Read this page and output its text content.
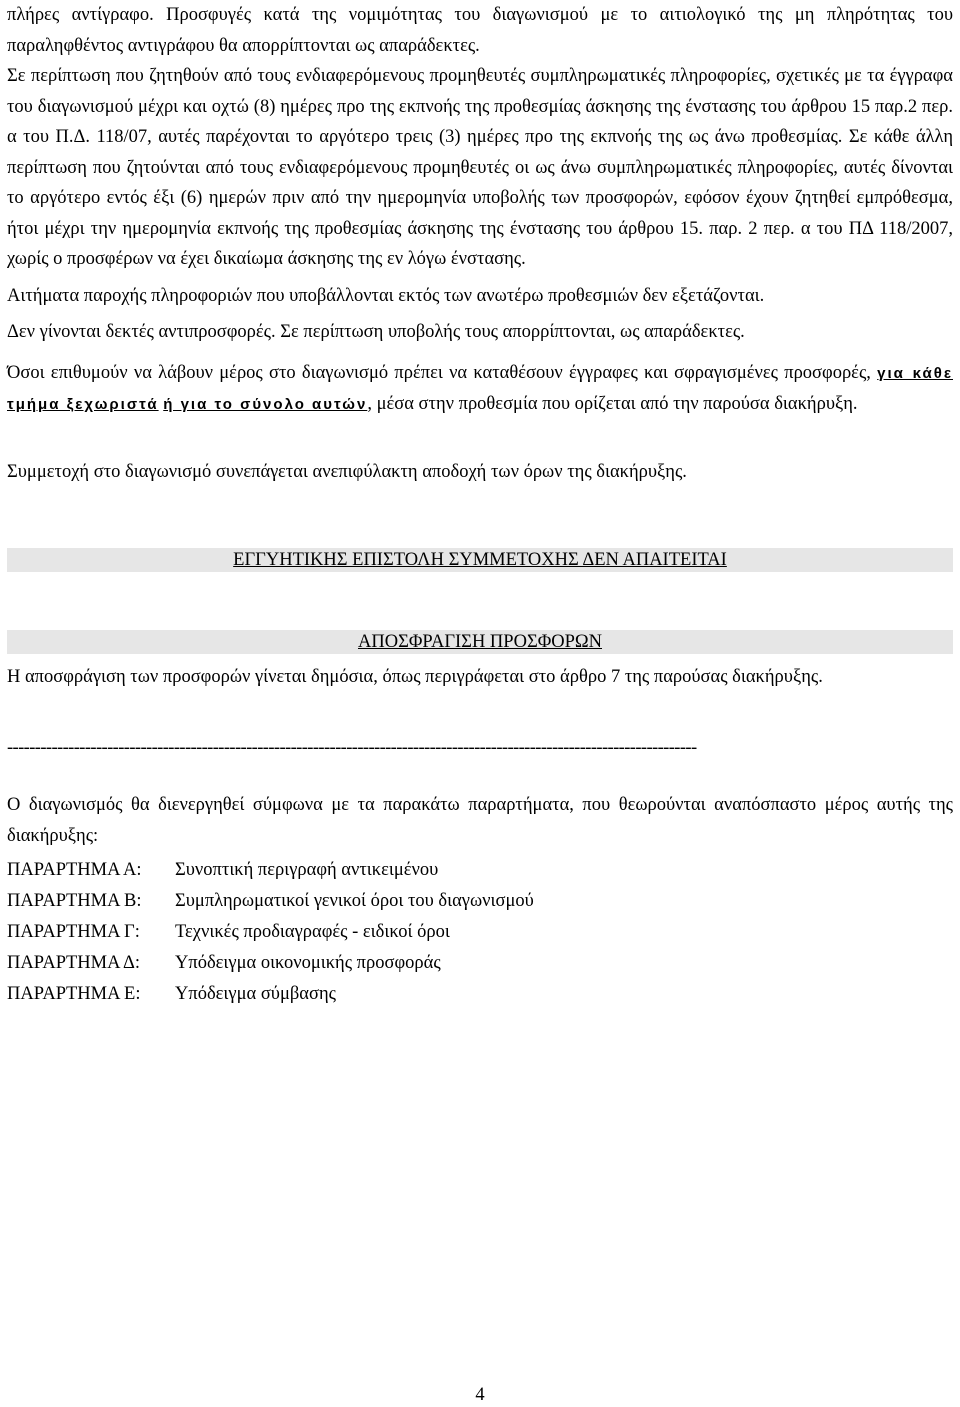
πλήρες αντίγραφο. Προσφυγές κατά της νομιμότητας του διαγωνισμού με το αιτιολογικό της μη πληρότητας του παραληφθέντος αντιγράφου θα απορρίπτονται ως απαράδεκτες.

Σε περίπτωση που ζητηθούν από τους ενδιαφερόμενους προμηθευτές συμπληρωματικές πληροφορίες, σχετικές με τα έγγραφα του διαγωνισμού μέχρι και οχτώ (8) ημέρες προ της εκπνοής της προθεσμίας άσκησης της ένστασης του άρθρου 15 παρ.2 περ. α του Π.Δ. 118/07, αυτές παρέχονται το αργότερο τρεις (3) ημέρες προ της εκπνοής της ως άνω προθεσμίας. Σε κάθε άλλη περίπτωση που ζητούνται από τους ενδιαφερόμενους προμηθευτές οι ως άνω συμπληρωματικές πληροφορίες, αυτές δίνονται το αργότερο εντός έξι (6) ημερών πριν από την ημερομηνία υποβολής των προσφορών, εφόσον έχουν ζητηθεί εμπρόθεσμα, ήτοι μέχρι την ημερομηνία εκπνοής της προθεσμίας άσκησης της ένστασης του άρθρου 15. παρ. 2 περ. α του ΠΔ 118/2007, χωρίς ο προσφέρων να έχει δικαίωμα άσκησης της εν λόγω ένστασης.

Αιτήματα παροχής πληροφοριών που υποβάλλονται εκτός των ανωτέρω προθεσμιών δεν εξετάζονται.

Δεν γίνονται δεκτές αντιπροσφορές. Σε περίπτωση υποβολής τους απορρίπτονται, ως απαράδεκτες.

Όσοι επιθυμούν να λάβουν μέρος στο διαγωνισμό πρέπει να καταθέσουν έγγραφες και σφραγισμένες προσφορές, για κάθε τμήμα ξεχωριστά ή για το σύνολο αυτών, μέσα στην προθεσμία που ορίζεται από την παρούσα διακήρυξη.

Συμμετοχή στο διαγωνισμό συνεπάγεται ανεπιφύλακτη αποδοχή των όρων της διακήρυξης.

ΕΓΓΥΗΤΙΚΗΣ ΕΠΙΣΤΟΛΗ ΣΥΜΜΕΤΟΧΗΣ ΔΕΝ ΑΠΑΙΤΕΙΤΑΙ

ΑΠΟΣΦΡΑΓΙΣΗ ΠΡΟΣΦΟΡΩΝ

Η αποσφράγιση των προσφορών γίνεται δημόσια, όπως περιγράφεται στο άρθρο 7 της παρούσας διακήρυξης.

----------------------------------------------------------------------------------------------------------------------------

Ο διαγωνισμός θα διενεργηθεί σύμφωνα με τα παρακάτω παραρτήματα, που θεωρούνται αναπόσπαστο μέρος αυτής της διακήρυξης:

ΠΑΡΑΡΤΗΜΑ Α:	Συνοπτική περιγραφή αντικειμένου
ΠΑΡΑΡΤΗΜΑ Β:	Συμπληρωματικοί γενικοί όροι του διαγωνισμού
ΠΑΡΑΡΤΗΜΑ Γ:	Τεχνικές προδιαγραφές - ειδικοί όροι
ΠΑΡΑΡΤΗΜΑ Δ:	Υπόδειγμα οικονομικής προσφοράς
ΠΑΡΑΡΤΗΜΑ Ε:	Υπόδειγμα σύμβασης
4
